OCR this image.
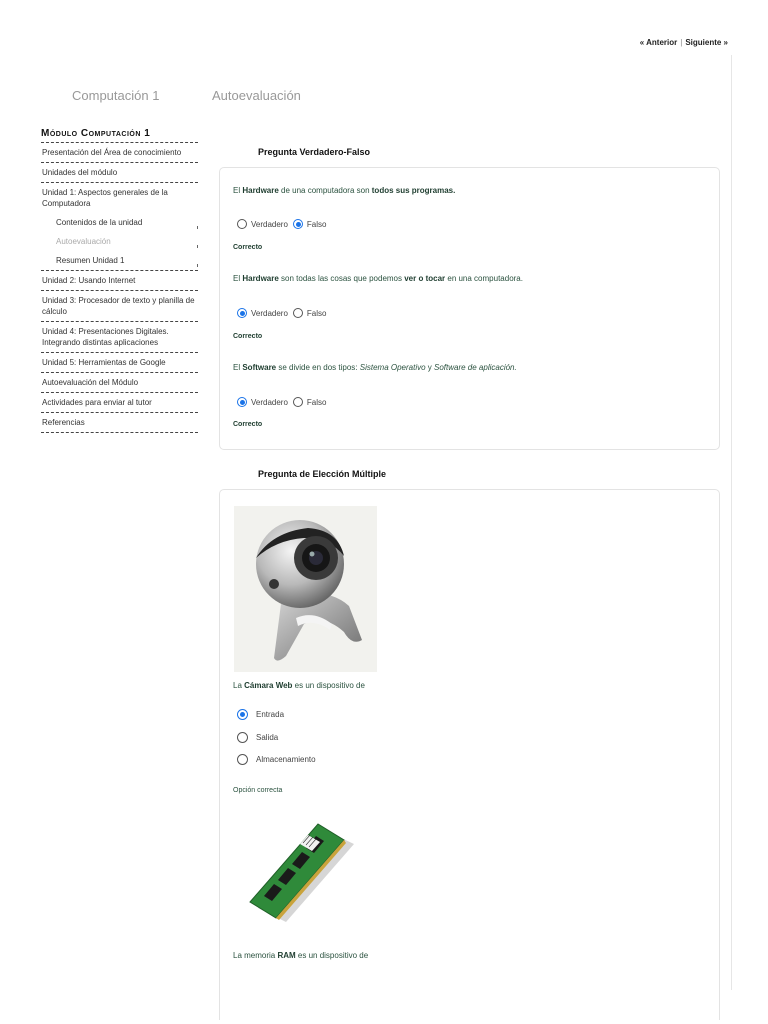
« Anterior | Siguiente »
Computación 1	Autoevaluación
Módulo Computación 1
Presentación del Área de conocimiento
Unidades del módulo
Unidad 1: Aspectos generales de la Computadora
Contenidos de la unidad
Autoevaluación
Resumen Unidad 1
Unidad 2: Usando Internet
Unidad 3: Procesador de texto y planilla de cálculo
Unidad 4: Presentaciones Digitales. Integrando distintas aplicaciones
Unidad 5: Herramientas de Google
Autoevaluación del Módulo
Actividades para enviar al tutor
Referencias
Pregunta Verdadero-Falso
El Hardware de una computadora son todos sus programas.
Verdadero Falso
Correcto
El Hardware son todas las cosas que podemos ver o tocar en una computadora.
Verdadero Falso
Correcto
El Software se divide en dos tipos: Sistema Operativo y Software de aplicación.
Verdadero Falso
Correcto
Pregunta de Elección Múltiple
La Cámara Web es un dispositivo de
Entrada
Salida
Almacenamiento
Opción correcta
La memoria RAM es un dispositivo de
